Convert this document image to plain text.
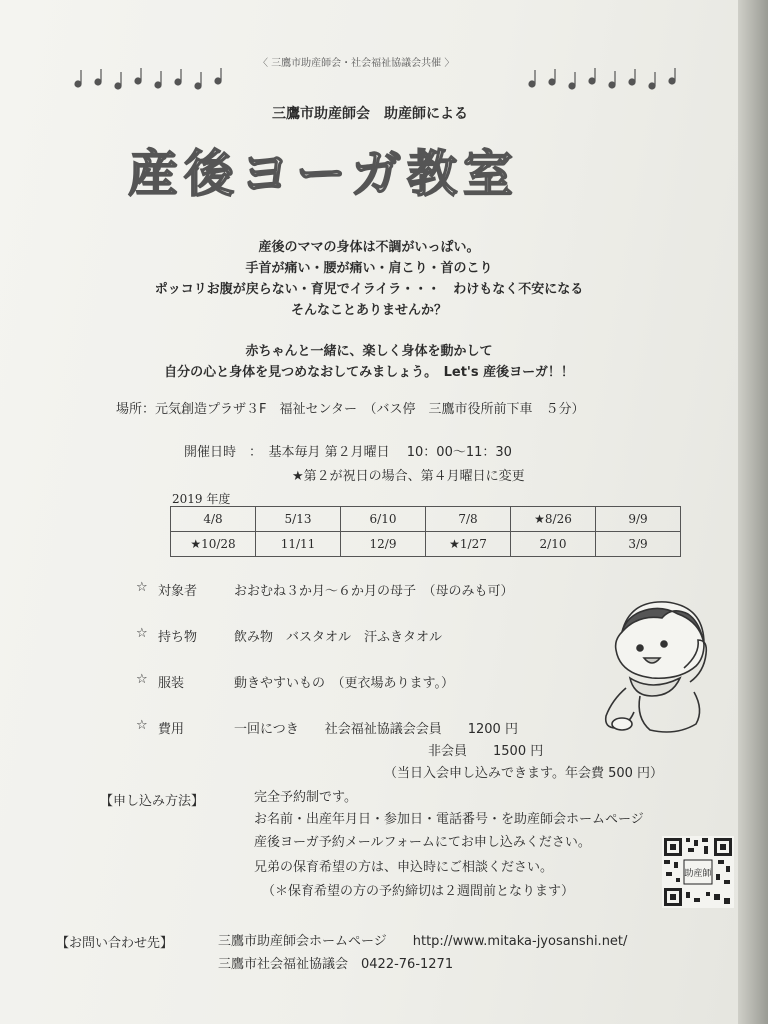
〈 三鷹市助産師会・社会福祉協議会共催 〉
三鷹市助産師会　助産師による
産後ヨーガ教室
産後のママの身体は不調がいっぱい。
手首が痛い・腰が痛い・肩こり・首のこり
ポッコリお腹が戻らない・育児でイライラ・・・　わけもなく不安になる
そんなことありませんか？
赤ちゃんと一緒に、楽しく身体を動かして
自分の心と身体を見つめなおしてみましょう。　Let's 産後ヨーガ！！
場所：元気創造プラザ３F　福祉センター　（バス停　三鷹市役所前下車　５分）
開催日時　：　基本毎月 第２月曜日　 10：00～11：30
★第２が祝日の場合、第４月曜日に変更
2019 年度
4/8	5/13	6/10	7/8	★8/26	9/9
★10/28	11/11	12/9	★1/27	2/10	3/9
☆ 対象者	おおむね３か月～６か月の母子　（母のみも可）
☆ 持ち物	飲み物　バスタオル　汗ふきタオル
☆ 服装	動きやすいもの　（更衣場あります。）
☆ 費用	一回につき　　社会福祉協議会会員　　1200 円
非会員　　1500 円
（当日入会申し込みできます。年会費 500 円）
【申し込み方法】	完全予約制です。
お名前・出産年月日・参加日・電話番号・を助産師会ホームページ
産後ヨーガ予約メールフォームにてお申し込みください。
兄弟の保育希望の方は、申込時にご相談ください。
（＊保育希望の方の予約締切は２週間前となります）
助産師
【お問い合わせ先】	三鷹市助産師会ホームページ　　http://www.mitaka-jyosanshi.net/
三鷹市社会福祉協議会　0422-76-1271
